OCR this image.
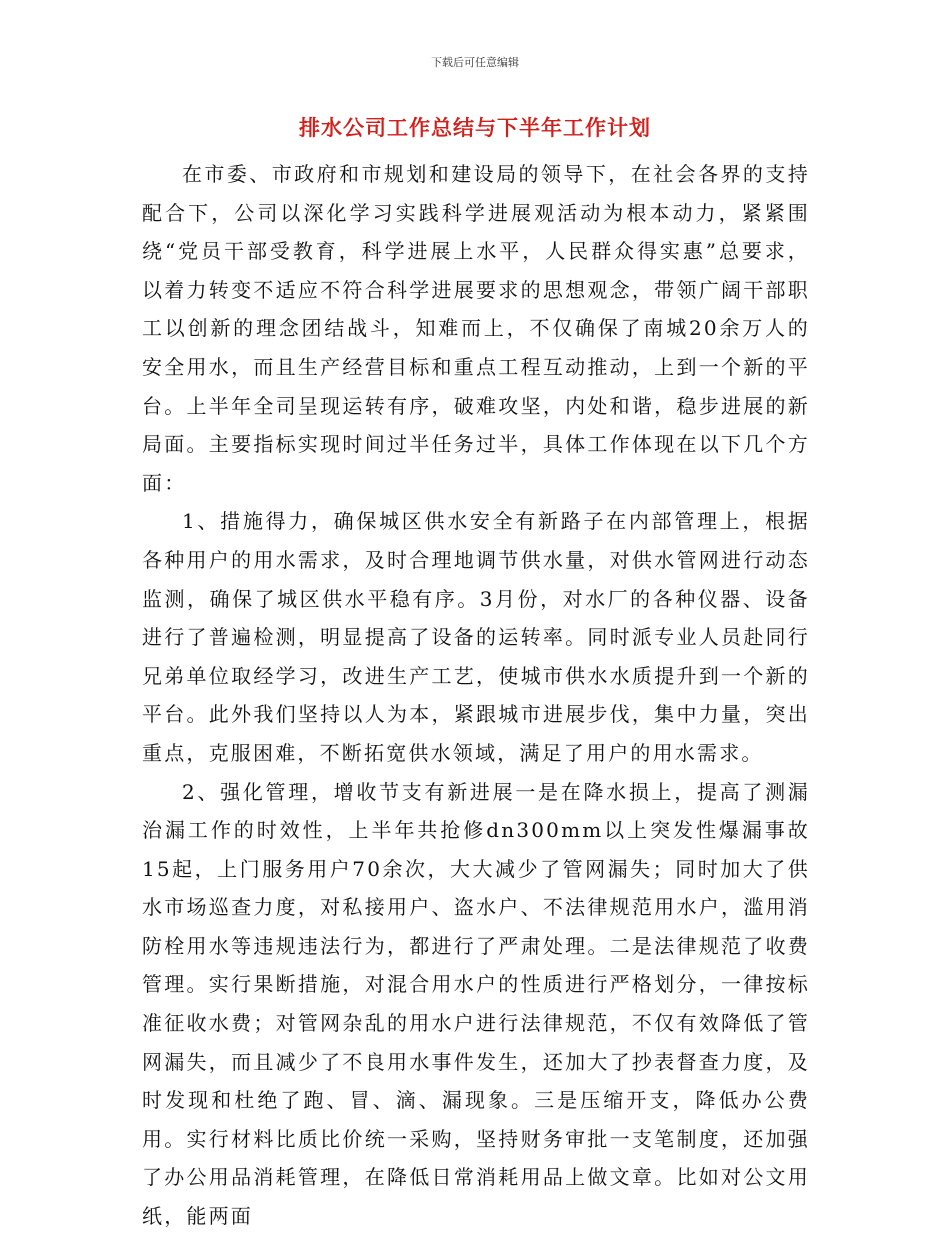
下载后可任意编辑
排水公司工作总结与下半年工作计划

在市委、市政府和市规划和建设局的领导下，在社会各界的支持配合下，公司以深化学习实践科学进展观活动为根本动力，紧紧围绕“党员干部受教育，科学进展上水平，人民群众得实惠”总要求，以着力转变不适应不符合科学进展要求的思想观念，带领广阔干部职工以创新的理念团结战斗，知难而上，不仅确保了南城20余万人的安全用水，而且生产经营目标和重点工程互动推动，上到一个新的平台。上半年全司呈现运转有序，破难攻坚，内处和谐，稳步进展的新局面。主要指标实现时间过半任务过半，具体工作体现在以下几个方面：

1、措施得力，确保城区供水安全有新路子在内部管理上，根据各种用户的用水需求，及时合理地调节供水量，对供水管网进行动态监测，确保了城区供水平稳有序。3月份，对水厂的各种仪器、设备进行了普遍检测，明显提高了设备的运转率。同时派专业人员赴同行兄弟单位取经学习，改进生产工艺，使城市供水水质提升到一个新的平台。此外我们坚持以人为本，紧跟城市进展步伐，集中力量，突出重点，克服困难，不断拓宽供水领域，满足了用户的用水需求。

2、强化管理，增收节支有新进展一是在降水损上，提高了测漏治漏工作的时效性，上半年共抢修dn300mm以上突发性爆漏事故15起，上门服务用户70余次，大大减少了管网漏失；同时加大了供水市场巡查力度，对私接用户、盗水户、不法律规范用水户，滥用消防栓用水等违规违法行为，都进行了严肃处理。二是法律规范了收费管理。实行果断措施，对混合用水户的性质进行严格划分，一律按标准征收水费；对管网杂乱的用水户进行法律规范，不仅有效降低了管网漏失，而且减少了不良用水事件发生，还加大了抄表督查力度，及时发现和杜绝了跑、冒、滴、漏现象。三是压缩开支，降低办公费用。实行材料比质比价统一采购，坚持财务审批一支笔制度，还加强了办公用品消耗管理，在降低日常消耗用品上做文章。比如对公文用纸，能两面
